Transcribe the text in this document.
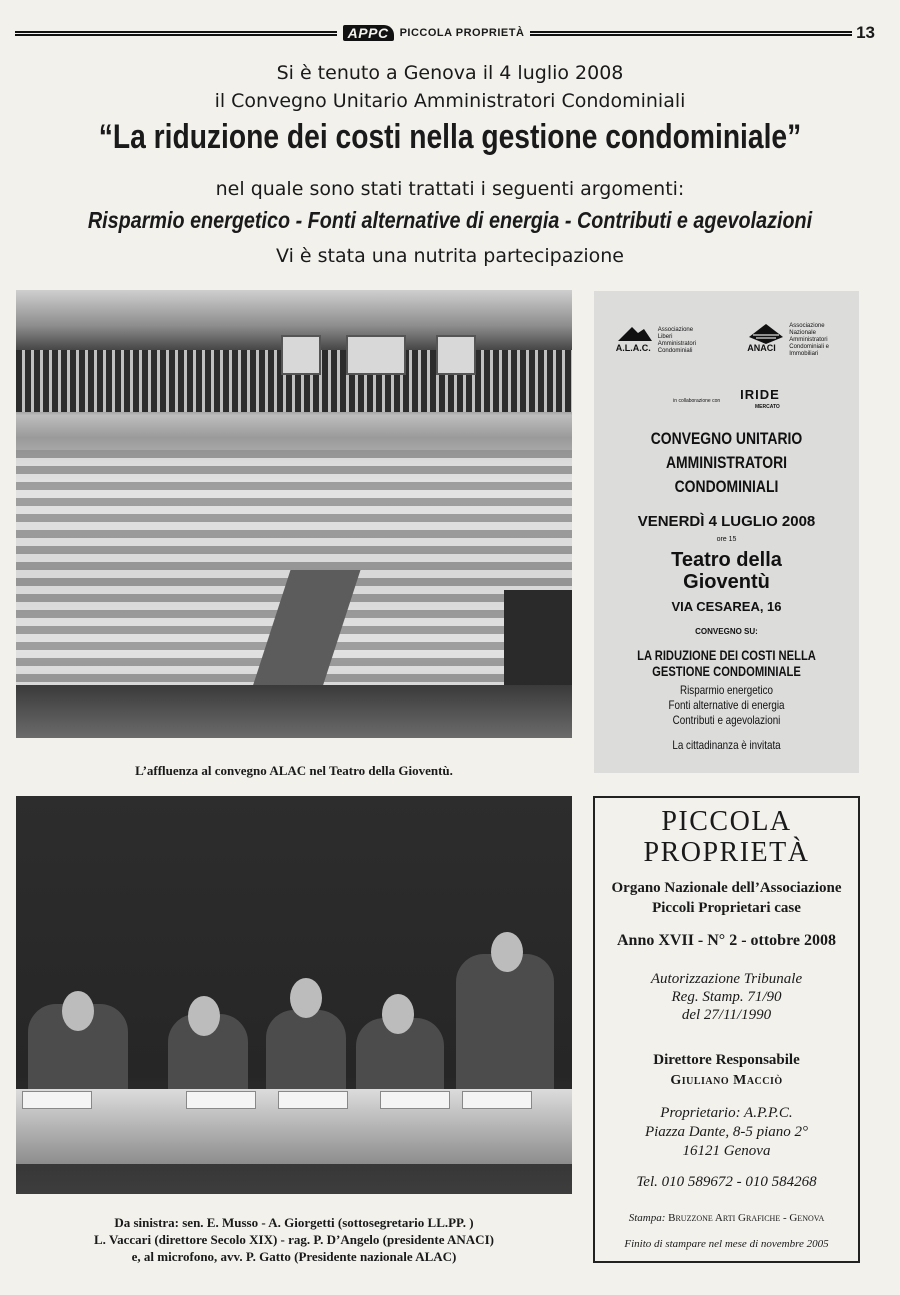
APPC	PICCOLA PROPRIETÀ	13
Si è tenuto a Genova il 4 luglio 2008
il Convegno Unitario Amministratori Condominiali
“La riduzione dei costi nella gestione condominiale”
nel quale sono stati trattati i seguenti argomenti:
Risparmio energetico - Fonti alternative di energia - Contributi e agevolazioni
Vi è stata una nutrita partecipazione
L’affluenza al convegno ALAC nel Teatro della Gioventù.
A.L.A.C.
Associazione Liberi Amministratori Condominiali	ANACI
Associazione Nazionale Amministratori Condominiali e Immobiliari
in collaborazione con IRIDE
MERCATO
CONVEGNO UNITARIO
AMMINISTRATORI
CONDOMINIALI
VENERDÌ 4 LUGLIO 2008
ore 15
Teatro della
Gioventù
VIA CESAREA, 16
CONVEGNO SU:
LA RIDUZIONE DEI COSTI NELLA
GESTIONE CONDOMINIALE
Risparmio energetico
Fonti alternative di energia
Contributi e agevolazioni
La cittadinanza è invitata
Da sinistra: sen. E. Musso - A. Giorgetti (sottosegretario LL.PP. )
L. Vaccari (direttore Secolo XIX) - rag. P. D’Angelo (presidente ANACI)
e, al microfono, avv. P. Gatto (Presidente nazionale ALAC)
PICCOLA
PROPRIETÀ
Organo Nazionale dell’Associazione
Piccoli Proprietari case
Anno XVII - N° 2 - ottobre 2008
Autorizzazione Tribunale
Reg. Stamp. 71/90
del 27/11/1990
Direttore Responsabile
Giuliano Macciò
Proprietario: A.P.P.C.
Piazza Dante, 8-5 piano 2°
16121 Genova
Tel. 010 589672 - 010 584268
Stampa: Bruzzone Arti Grafiche - Genova
Finito di stampare nel mese di novembre 2005
